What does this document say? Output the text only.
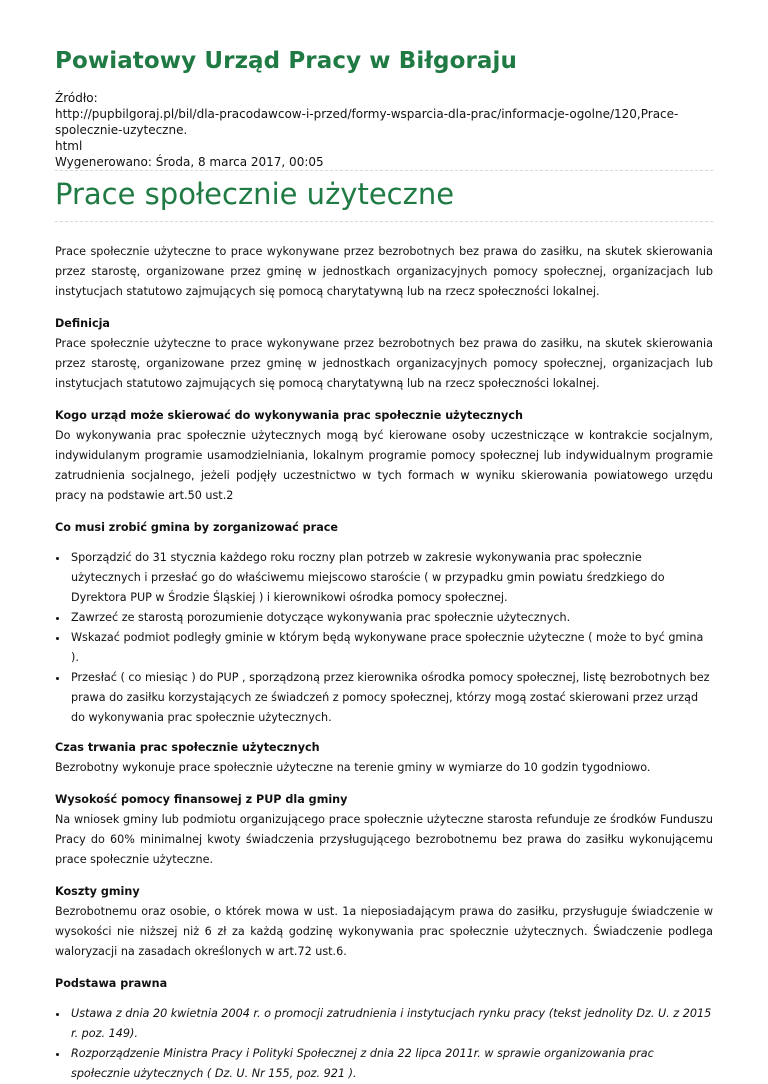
Powiatowy Urząd Pracy w Biłgoraju
Źródło:
http://pupbilgoraj.pl/bil/dla-pracodawcow-i-przed/formy-wsparcia-dla-prac/informacje-ogolne/120,Prace-spolecznie-uzyteczne.
html
Wygenerowano: Środa, 8 marca 2017, 00:05
Prace społecznie użyteczne

Prace społecznie użyteczne to prace wykonywane przez bezrobotnych bez prawa do zasiłku, na skutek skierowania przez starostę, organizowane przez gminę w jednostkach organizacyjnych pomocy społecznej, organizacjach lub instytucjach statutowo zajmujących się pomocą charytatywną lub na rzecz społeczności lokalnej.

Definicja

Prace społecznie użyteczne to prace wykonywane przez bezrobotnych bez prawa do zasiłku, na skutek skierowania przez starostę, organizowane przez gminę w jednostkach organizacyjnych pomocy społecznej, organizacjach lub instytucjach statutowo zajmujących się pomocą charytatywną lub na rzecz społeczności lokalnej.

Kogo urząd może skierować do wykonywania prac społecznie użytecznych

Do wykonywania prac społecznie użytecznych mogą być kierowane osoby uczestniczące w kontrakcie socjalnym, indywidulanym programie usamodzielniania, lokalnym programie pomocy społecznej lub indywidualnym programie zatrudnienia socjalnego, jeżeli podjęły uczestnictwo w tych formach w wyniku skierowania powiatowego urzędu pracy na podstawie art.50 ust.2

Co musi zrobić gmina by zorganizować prace
• Sporządzić do 31 stycznia każdego roku roczny plan potrzeb w zakresie wykonywania prac społecznie użytecznych i przesłać go do właściwemu miejscowo staroście ( w przypadku gmin powiatu średzkiego do Dyrektora PUP w Środzie Śląskiej ) i kierownikowi ośrodka pomocy społecznej.
• Zawrzeć ze starostą porozumienie dotyczące wykonywania prac społecznie użytecznych.
• Wskazać podmiot podległy gminie w którym będą wykonywane prace społecznie użyteczne ( może to być gmina ).
• Przesłać ( co miesiąc ) do PUP , sporządzoną przez kierownika ośrodka pomocy społecznej, listę bezrobotnych bez prawa do zasiłku korzystających ze świadczeń z pomocy społecznej, którzy mogą zostać skierowani przez urząd do wykonywania prac społecznie użytecznych.
Czas trwania prac społecznie użytecznych

Bezrobotny wykonuje prace społecznie użyteczne na terenie gminy w wymiarze do 10 godzin tygodniowo.

Wysokość pomocy finansowej z PUP dla gminy

Na wniosek gminy lub podmiotu organizującego prace społecznie użyteczne starosta refunduje ze środków Funduszu Pracy do 60% minimalnej kwoty świadczenia przysługującego bezrobotnemu bez prawa do zasiłku wykonującemu prace społecznie użyteczne.

Koszty gminy

Bezrobotnemu oraz osobie, o którek mowa w ust. 1a nieposiadającym prawa do zasiłku, przysługuje świadczenie w wysokości nie niższej niż 6 zł za każdą godzinę wykonywania prac społecznie użytecznych. Świadczenie podlega waloryzacji na zasadach określonych w art.72 ust.6.

Podstawa prawna
• Ustawa z dnia 20 kwietnia 2004 r. o promocji zatrudnienia i instytucjach rynku pracy (tekst jednolity Dz. U. z 2015 r. poz. 149).
• Rozporządzenie Ministra Pracy i Polityki Społecznej z dnia 22 lipca 2011r. w sprawie organizowania prac społecznie użytecznych ( Dz. U. Nr 155, poz. 921 ).
